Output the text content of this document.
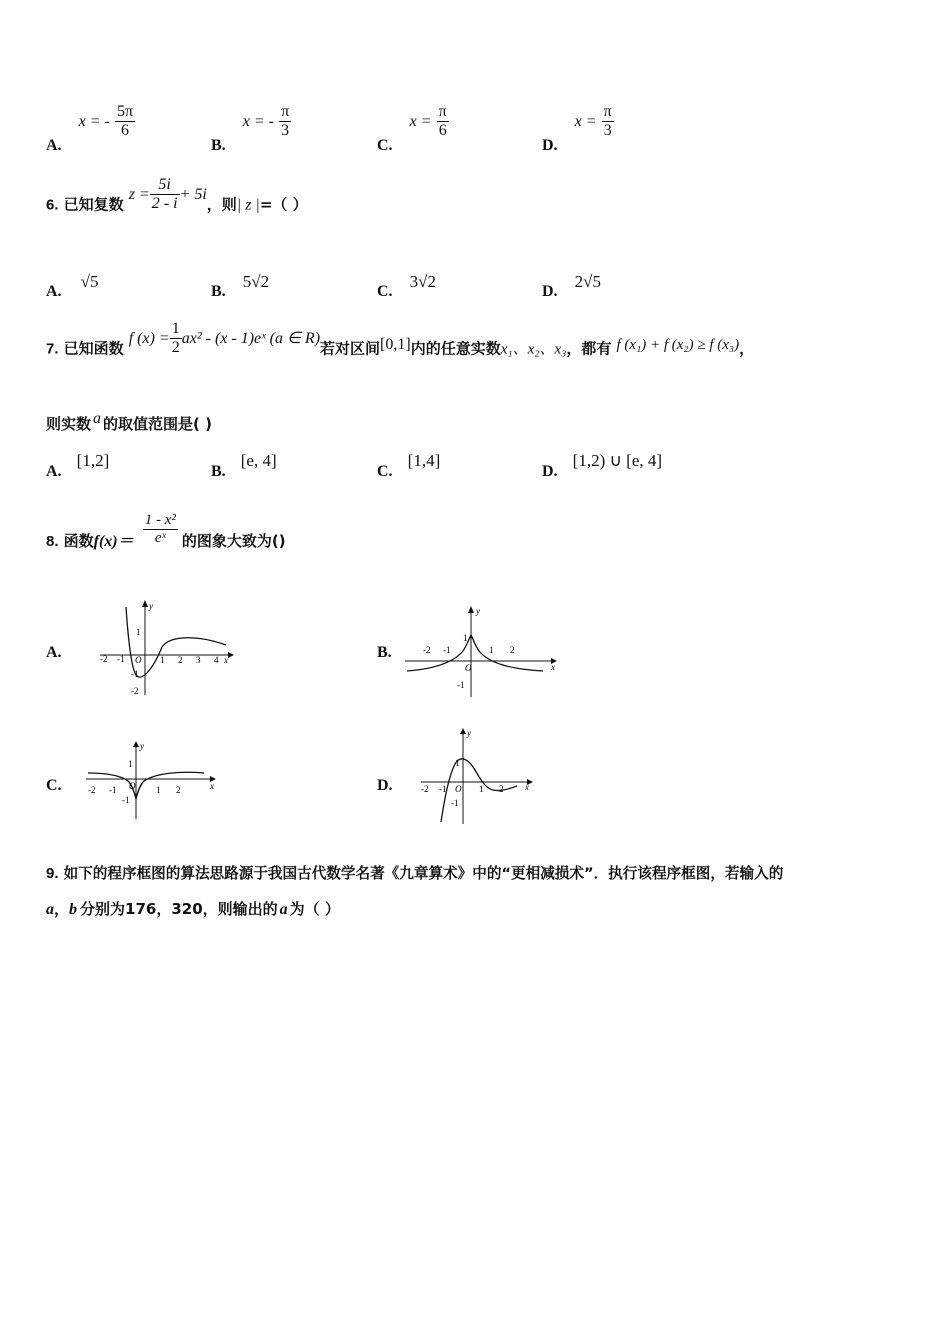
A. x = - $\frac{5\pi}{6}$
B. x = - $\frac{\pi}{3}$
C. $x = \frac{\pi}{6}$
D. $x = \frac{\pi}{3}$
6. 已知复数 $z = \frac{5i}{2 - i} + 5i$，则| z |=（ ）
A. √5
B. 5√2
C. 3√2
D. 2√5
7. 已知函数 f $(x) = \frac{1}{2} ax^2 - (x$ - 1)eˣ (a ∈ R)若对区间[0,1]内的任意实数x₁、x₂、x₃，都有 f (x₁) + f (x₂) ≥ f (x₃)，
则实数 a 的取值范围是( )
A. [1,2]
B. [e, 4]
C. [1,4]
D. [1,2) ∪ [e, 4]
8. 函数$f(x)= \frac{\text{1 - x²}}{\text{eˣ}}$ 的图象大致为()
A.	-2 -1 O 1 2 3 4 x
y
1
-1
-2
B.	-2 -1
O
1 2
x
y
1
-1
C.	-2 -1 O 1 2	x
y
1
-1
D.	-2 -1 O 1 2 x
y
1
-1
9. 如下的程序框图的算法思路源于我国古代数学名著《九章算术》中的“更相减损术”．执行该程序框图，若输入的
a，b 分别为176，320，则输出的 a 为（ ）
